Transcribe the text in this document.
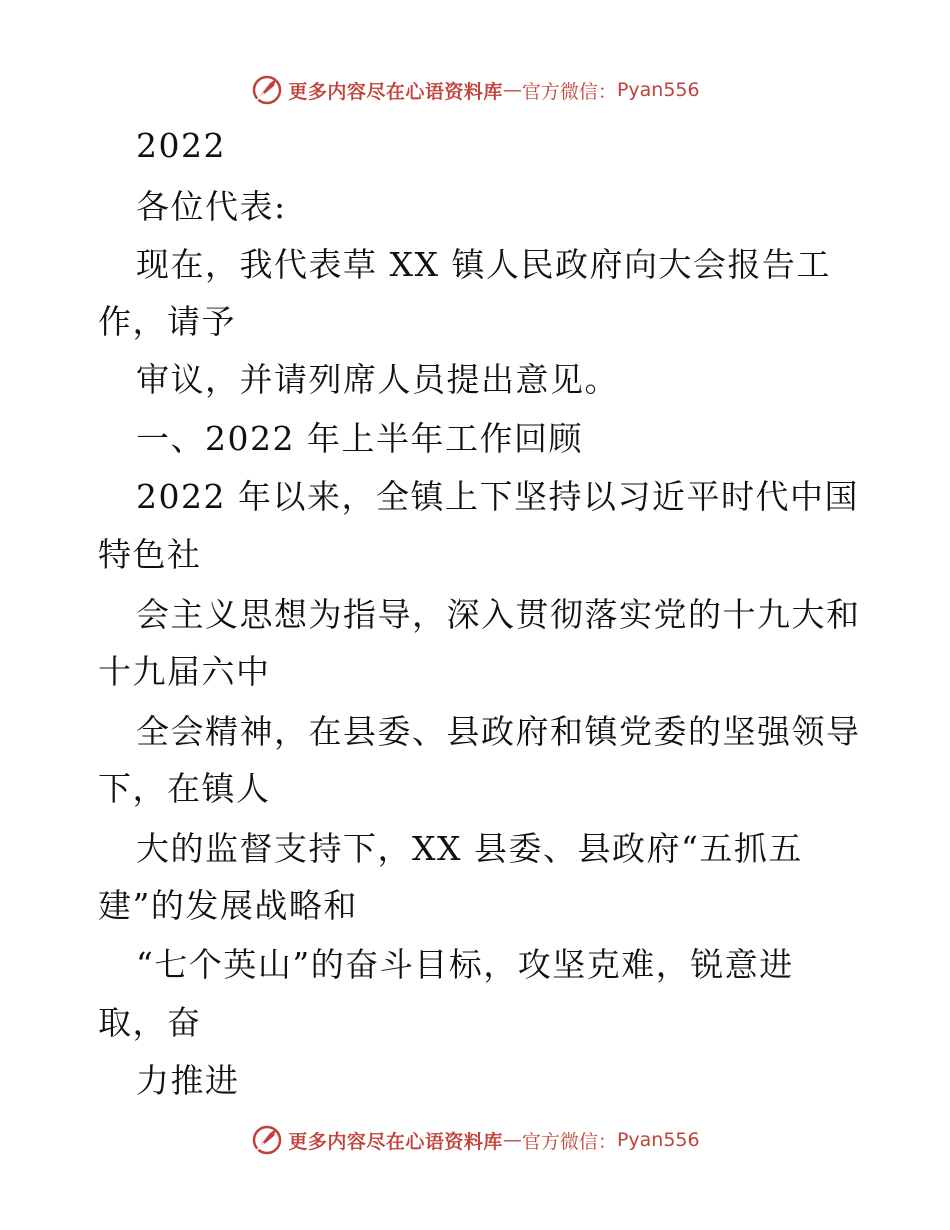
更多内容尽在心语资料库 — 官方微信： Pyan556
2022
各位代表:
现在，我代表草 XX 镇人民政府向大会报告工
作，请予
审议，并请列席人员提出意见。
一、2022 年上半年工作回顾
2022 年以来，全镇上下坚持以习近平时代中国
特色社
会主义思想为指导，深入贯彻落实党的十九大和
十九届六中
全会精神，在县委、县政府和镇党委的坚强领导
下，在镇人
大的监督支持下，XX 县委、县政府“五抓五
建”的发展战略和
“七个英山”的奋斗目标，攻坚克难，锐意进
取，奋
力推进
更多内容尽在心语资料库 — 官方微信： Pyan556
